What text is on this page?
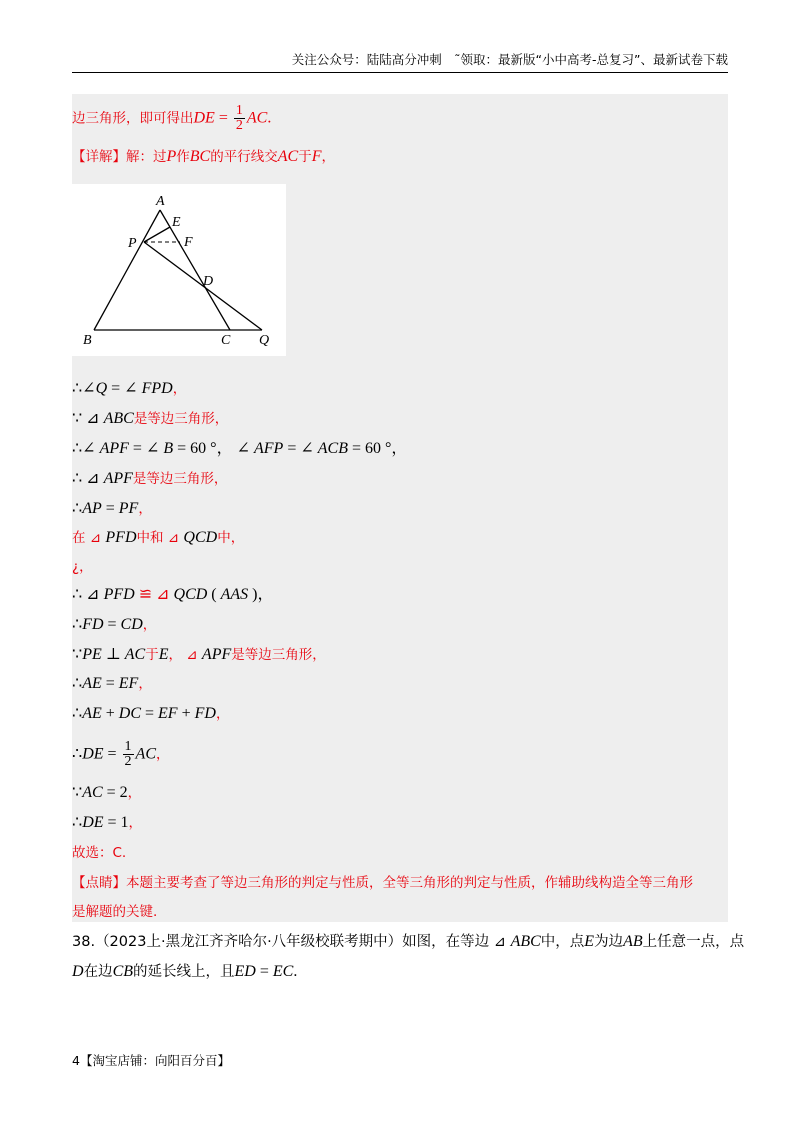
关注公众号：陆陆高分冲刺　˜领取：最新版“小中高考-总复习”、最新试卷下载
边三角形，即可得出DE = $\frac{1}{2}$ AC.
【详解】解：过P作BC的平行线交AC于F，
A
E
P	F
D
B	C Q
∴∠Q = ∠ FPD，
∵ ⊿ ABC是等边三角形，
∴∠ APF = ∠ B = 60 °， ∠ AFP = ∠ ACB = 60 °，
∴ ⊿ APF是等边三角形，
∴AP = PF，
在 ⊿ PFD中和 ⊿ QCD中，
¿，
∴ ⊿ PFD ≌ ⊿ QCD ( AAS )，
∴FD = CD，
∵PE ⊥ AC于E， ⊿ APF是等边三角形，
∴AE = EF，
∴AE + DC = EF + FD，
∴DE = $\frac{1}{2}$ AC，
∵AC = 2，
∴DE = 1，
故选：C.
【点睛】本题主要考查了等边三角形的判定与性质，全等三角形的判定与性质，作辅助线构造全等三角形
是解题的关键.
38.（2023上·黑龙江齐齐哈尔·八年级校联考期中）如图，在等边 ⊿ ABC中，点E为边AB上任意一点，点
D在边CB的延长线上，且ED = EC.
4【淘宝店铺：向阳百分百】
